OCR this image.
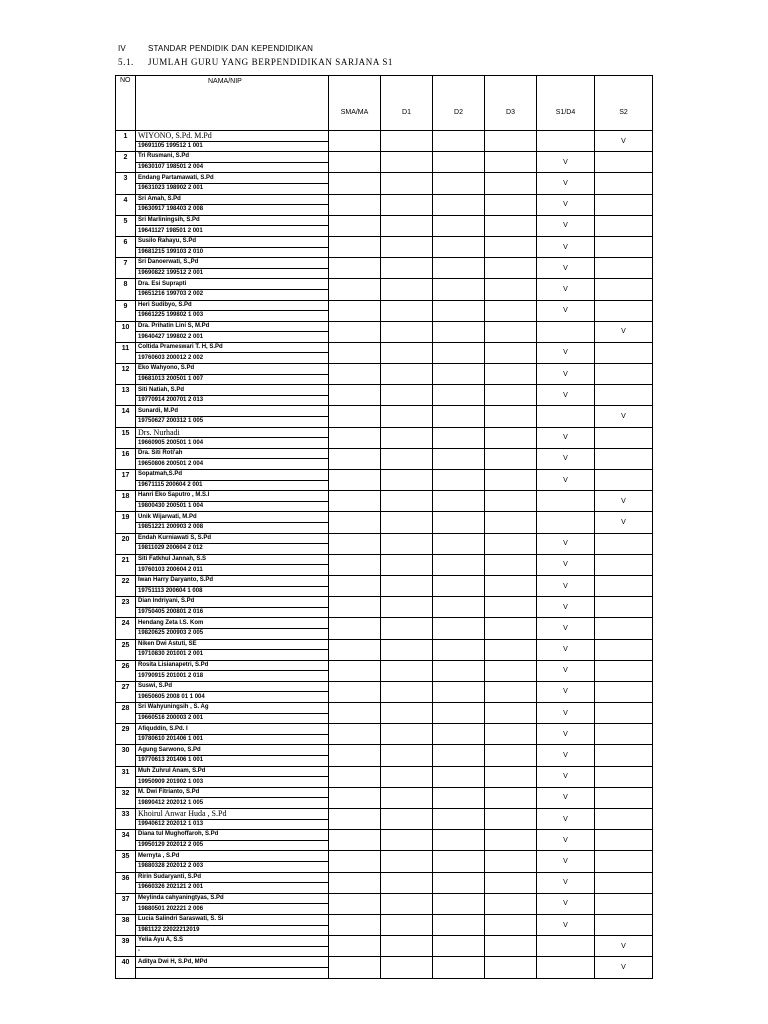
IV	STANDAR PENDIDIK DAN KEPENDIDIKAN
5.1. JUMLAH GURU YANG BERPENDIDIKAN SARJANA S1
NO	NAMA/NIP	SMA/MA	D1	D2	D3	S1/D4	S2
1	WIYONO, S.Pd. M.Pd						V
	19691105 199512 1 001						
2	Tri Rusmani, S.Pd					V	
	19630107 198501 2 004						
3	Endang Partamawati, S.Pd					V	
	19631023 198902 2 001						
4	Sri Amah, S.Pd					V	
	19630917 198403 2 008						
5	Sri Marliningsih, S.Pd					V	
	19641127 198501 2 001						
6	Susilo Rahayu, S.Pd					V	
	19681215 199103 2 010						
7	Sri Danoerwati, S.,Pd					V	
	19690822 199512 2 001						
8	Dra. Esi Suprapti					V	
	19651216 199703 2 002						
9	Heri Sudibyo, S.Pd					V	
	19661225 199802 1 003						
10	Dra. Prihatin Lini S, M.Pd						V
	19640427 199802 2 001						
11	Coltida Prameswari T. H, S.Pd					V	
	19760603 200012 2 002						
12	Eko Wahyono, S.Pd					V	
	19681013 200501 1 007						
13	Siti Natiah, S.Pd					V	
	19770914 200701 2 013						
14	Sunardi, M.Pd						V
	19750627 200312 1 005						
15	Drs. Nurhadi					V	
	19660905 200501 1 004						
16	Dra. Siti Roti'ah					V	
	19650806 200501 2 004						
17	Sopatmah,S.Pd					V	
	19671115 200604 2 001						
18	Hanri Eko Saputro , M.S.I						V
	19800430 200501 1 004						
19	Unik Wijarwati, M.Pd						V
	19851221 200903 2 008						
20	Endah Kurniawati S, S.Pd					V	
	19811029 200604 2 012						
21	Siti Fatkhul Jannah, S.S					V	
	19760103 200604 2 011						
22	Iwan Harry Daryanto, S.Pd					V	
	19751113 200604 1 008						
23	Dian Indriyani, S.Pd					V	
	19750405 200801 2 016						
24	Hendang Zeta I.S. Kom					V	
	19820625 200903 2 005						
25	Niken Dwi Astuti, SE					V	
	19710830 201001 2 001						
26	Rosita Lisianapetri, S.Pd					V	
	19790915 201001 2 018						
27	Suswi, S.Pd					V	
	19650605 2008 01 1 004						
28	Sri Wahyuningsih , S. Ag					V	
	19660516 200003 2 001						
29	Afiquddin, S.Pd. I					V	
	19780610 201406 1 001						
30	Agung Sarwono, S.Pd					V	
	19770613 201406 1 001						
31	Muh Zuhrul Anam, S.Pd					V	
	19950909 201902 1 003						
32	M. Dwi Fitrianto, S.Pd					V	
	19890412 202012 1 005						
33	Khoirul Anwar Huda , S.Pd					V	
	19940612 202012 1 013						
34	Diana tul Mughoffaroh, S.Pd					V	
	19950129 202012 2 005						
35	Mernyta , S.Pd					V	
	19880328 202012 2 003						
36	Ririn Sudaryanti, S.Pd					V	
	19660326 202121 2 001						
37	Meylinda cahyaningtyas, S.Pd					V	
	19880501 202221 2 006						
38	Lucia Salindri Saraswati, S. Si					V	
	1981122 22022212019						
39	Yelia Ayu A, S.S						V
	-						
40	Aditya Dwi H, S.Pd, MPd						V
